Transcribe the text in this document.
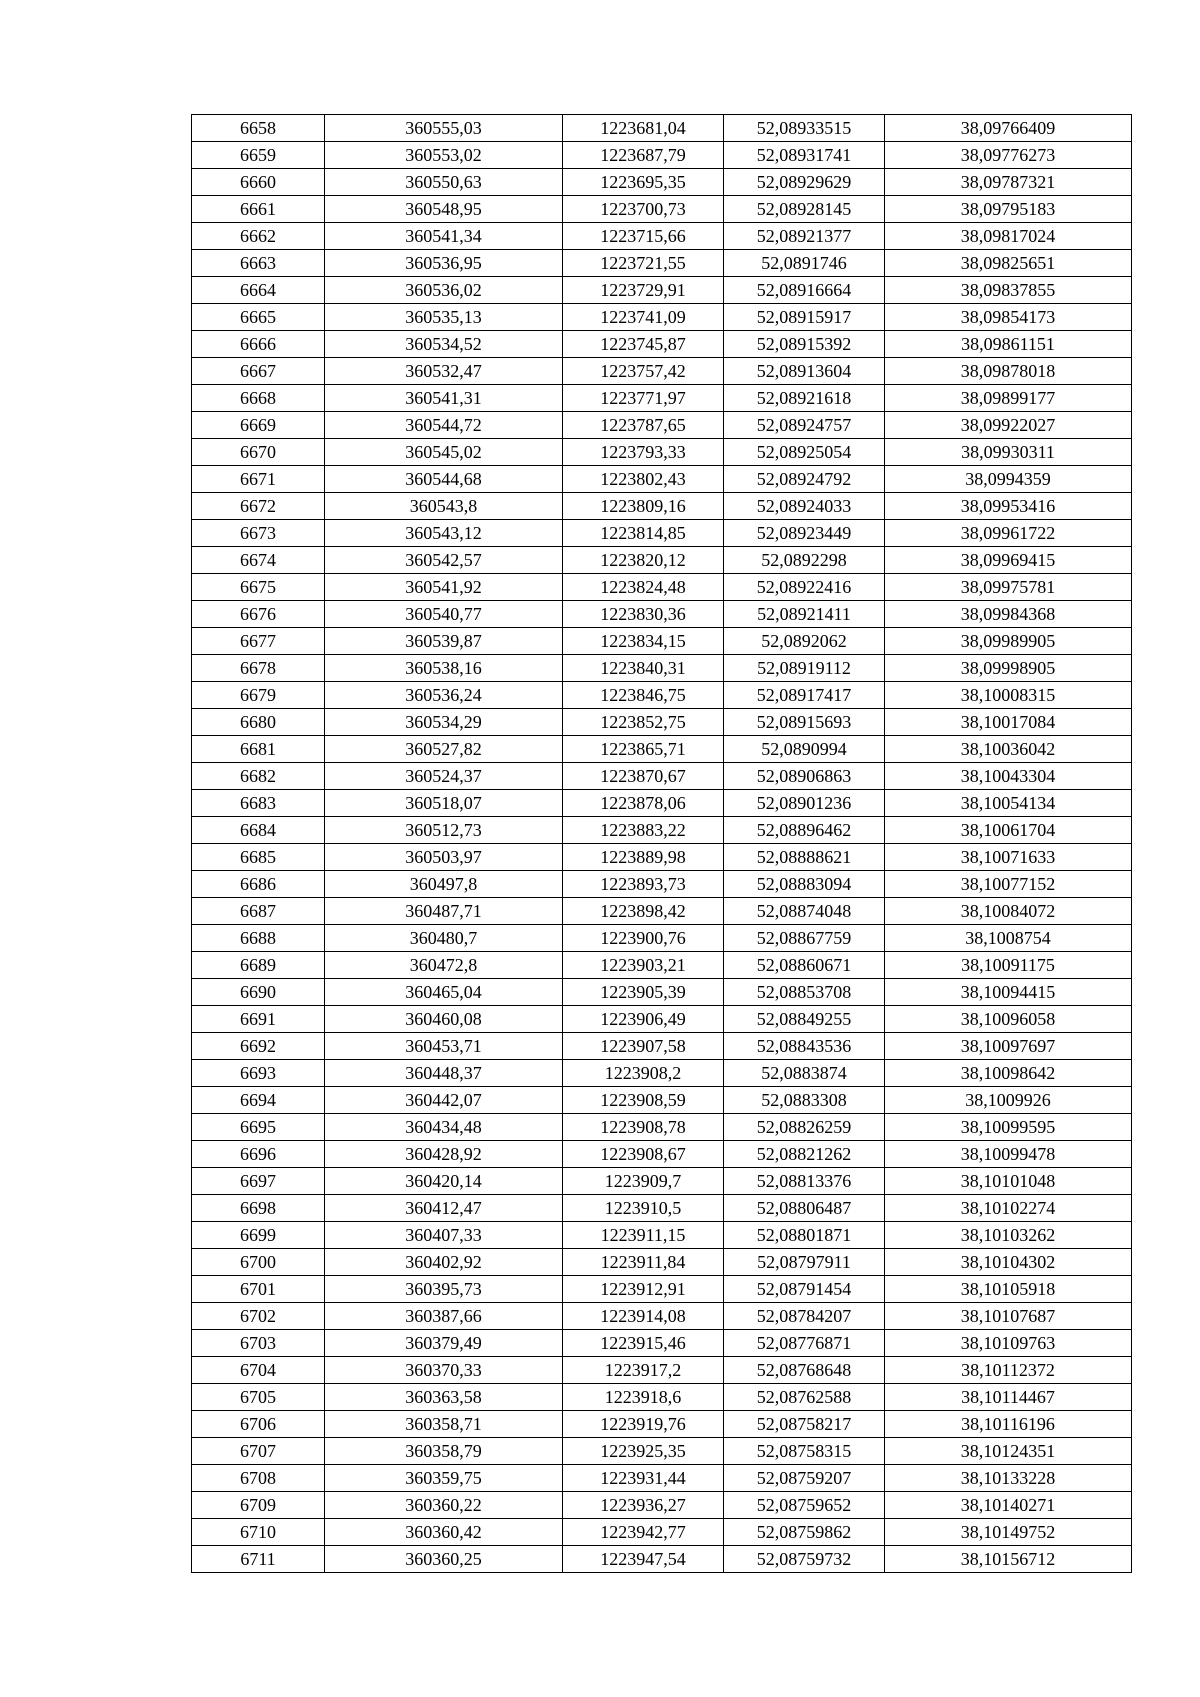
6658	360555,03	1223681,04	52,08933515	38,09766409
6659	360553,02	1223687,79	52,08931741	38,09776273
6660	360550,63	1223695,35	52,08929629	38,09787321
6661	360548,95	1223700,73	52,08928145	38,09795183
6662	360541,34	1223715,66	52,08921377	38,09817024
6663	360536,95	1223721,55	52,0891746	38,09825651
6664	360536,02	1223729,91	52,08916664	38,09837855
6665	360535,13	1223741,09	52,08915917	38,09854173
6666	360534,52	1223745,87	52,08915392	38,09861151
6667	360532,47	1223757,42	52,08913604	38,09878018
6668	360541,31	1223771,97	52,08921618	38,09899177
6669	360544,72	1223787,65	52,08924757	38,09922027
6670	360545,02	1223793,33	52,08925054	38,09930311
6671	360544,68	1223802,43	52,08924792	38,0994359
6672	360543,8	1223809,16	52,08924033	38,09953416
6673	360543,12	1223814,85	52,08923449	38,09961722
6674	360542,57	1223820,12	52,0892298	38,09969415
6675	360541,92	1223824,48	52,08922416	38,09975781
6676	360540,77	1223830,36	52,08921411	38,09984368
6677	360539,87	1223834,15	52,0892062	38,09989905
6678	360538,16	1223840,31	52,08919112	38,09998905
6679	360536,24	1223846,75	52,08917417	38,10008315
6680	360534,29	1223852,75	52,08915693	38,10017084
6681	360527,82	1223865,71	52,0890994	38,10036042
6682	360524,37	1223870,67	52,08906863	38,10043304
6683	360518,07	1223878,06	52,08901236	38,10054134
6684	360512,73	1223883,22	52,08896462	38,10061704
6685	360503,97	1223889,98	52,08888621	38,10071633
6686	360497,8	1223893,73	52,08883094	38,10077152
6687	360487,71	1223898,42	52,08874048	38,10084072
6688	360480,7	1223900,76	52,08867759	38,1008754
6689	360472,8	1223903,21	52,08860671	38,10091175
6690	360465,04	1223905,39	52,08853708	38,10094415
6691	360460,08	1223906,49	52,08849255	38,10096058
6692	360453,71	1223907,58	52,08843536	38,10097697
6693	360448,37	1223908,2	52,0883874	38,10098642
6694	360442,07	1223908,59	52,0883308	38,1009926
6695	360434,48	1223908,78	52,08826259	38,10099595
6696	360428,92	1223908,67	52,08821262	38,10099478
6697	360420,14	1223909,7	52,08813376	38,10101048
6698	360412,47	1223910,5	52,08806487	38,10102274
6699	360407,33	1223911,15	52,08801871	38,10103262
6700	360402,92	1223911,84	52,08797911	38,10104302
6701	360395,73	1223912,91	52,08791454	38,10105918
6702	360387,66	1223914,08	52,08784207	38,10107687
6703	360379,49	1223915,46	52,08776871	38,10109763
6704	360370,33	1223917,2	52,08768648	38,10112372
6705	360363,58	1223918,6	52,08762588	38,10114467
6706	360358,71	1223919,76	52,08758217	38,10116196
6707	360358,79	1223925,35	52,08758315	38,10124351
6708	360359,75	1223931,44	52,08759207	38,10133228
6709	360360,22	1223936,27	52,08759652	38,10140271
6710	360360,42	1223942,77	52,08759862	38,10149752
6711	360360,25	1223947,54	52,08759732	38,10156712
